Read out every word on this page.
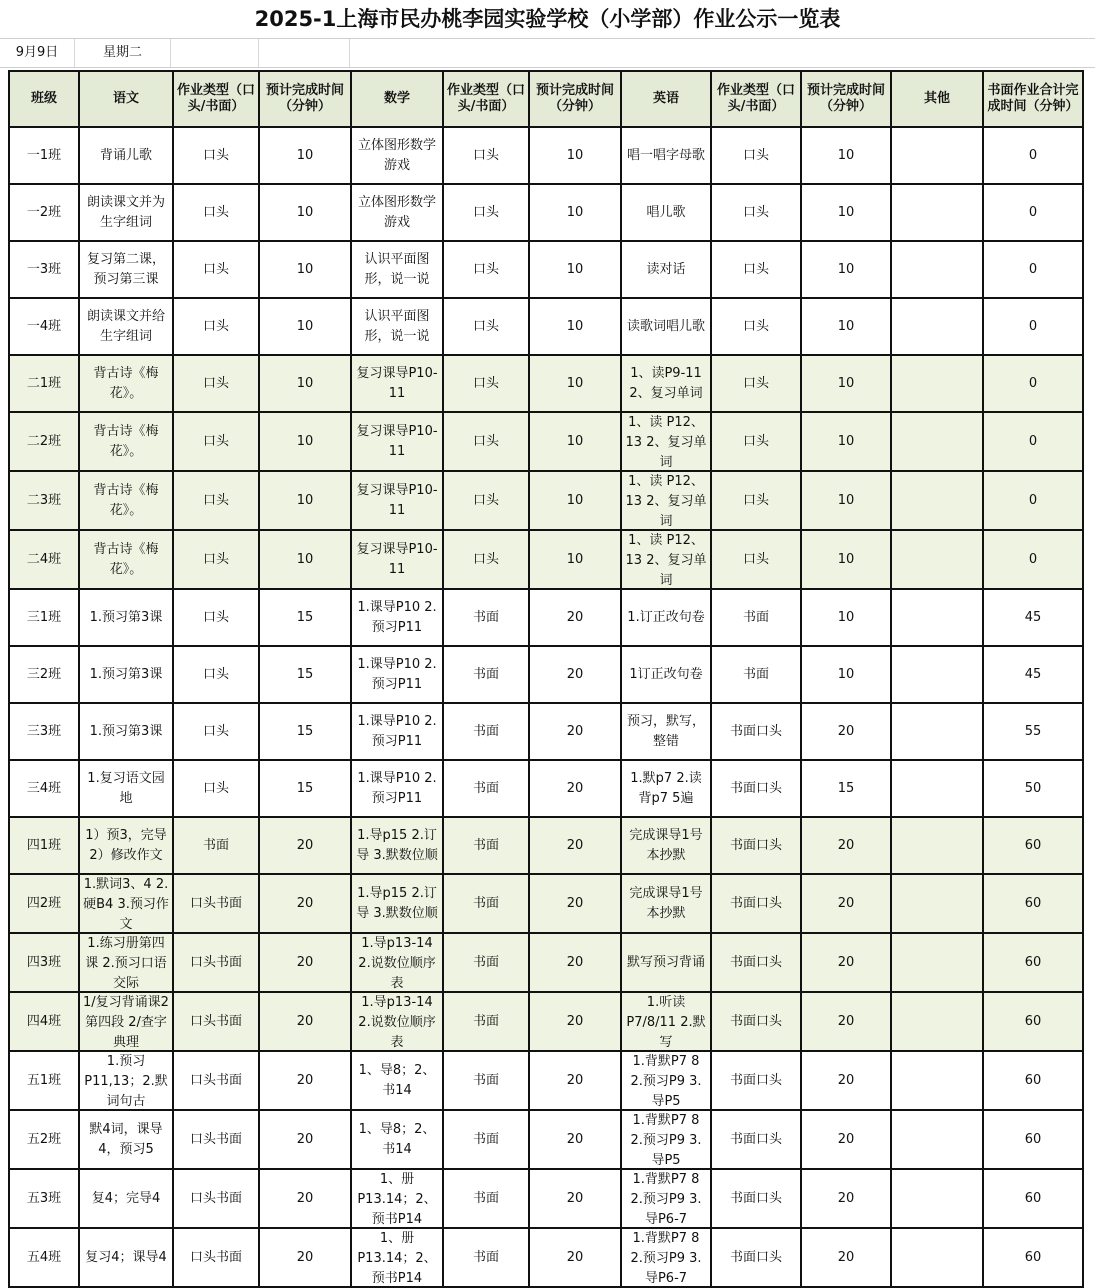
2025-1上海市民办桃李园实验学校（小学部）作业公示一览表
9月9日	星期二
班级	语文	作业类型（口头/书面）	预计完成时间（分钟）	数学	作业类型（口头/书面）	预计完成时间（分钟）	英语	作业类型（口头/书面）	预计完成时间（分钟）	其他	书面作业合计完成时间（分钟）

一1班	背诵儿歌	口头	10	立体图形数学游戏	口头	10	唱一唱字母歌	口头	10		0

一2班	朗读课文并为生字组词	口头	10	立体图形数学游戏	口头	10	唱儿歌	口头	10		0

一3班	复习第二课，预习第三课	口头	10	认识平面图形，说一说	口头	10	读对话	口头	10		0

一4班	朗读课文并给生字组词	口头	10	认识平面图形，说一说	口头	10	读歌词唱儿歌	口头	10		0

二1班	背古诗《梅花》。	口头	10	复习课导P10-11	口头	10	1、读P9-11 2、复习单词	口头	10		0

二2班	背古诗《梅花》。	口头	10	复习课导P10-11	口头	10	1、读 P12、13 2、复习单词	口头	10		0

二3班	背古诗《梅花》。	口头	10	复习课导P10-11	口头	10	1、读 P12、13 2、复习单词	口头	10		0

二4班	背古诗《梅花》。	口头	10	复习课导P10-11	口头	10	1、读 P12、13 2、复习单词	口头	10		0

三1班	1.预习第3课	口头	15	1.课导P10 2.预习P11	书面	20	1.订正改句卷	书面	10		45

三2班	1.预习第3课	口头	15	1.课导P10 2.预习P11	书面	20	1订正改句卷	书面	10		45

三3班	1.预习第3课	口头	15	1.课导P10 2.预习P11	书面	20	预习，默写，整错	书面口头	20		55

三4班	1.复习语文园地	口头	15	1.课导P10 2.预习P11	书面	20	1.默p7 2.读背p7 5遍	书面口头	15		50

四1班	1）预3，完导 2）修改作文	书面	20	1.导p15 2.订导 3.默数位顺	书面	20	完成课导1号本抄默	书面口头	20		60

四2班	1.默词3、4 2.硬B4 3.预习作文	口头书面	20	1.导p15 2.订导 3.默数位顺	书面	20	完成课导1号本抄默	书面口头	20		60

四3班	1.练习册第四课 2.预习口语交际	口头书面	20	1.导p13-14 2.说数位顺序表	书面	20	默写预习背诵	书面口头	20		60

四4班	1/复习背诵课2第四段 2/查字典理	口头书面	20	1.导p13-14 2.说数位顺序表	书面	20	1.听读P7/8/11 2.默写	书面口头	20		60

五1班	1.预习P11,13；2.默词句古	口头书面	20	1、导8；2、书14	书面	20	1.背默P7 8 2.预习P9 3.导P5	书面口头	20		60

五2班	默4词，课导4，预习5	口头书面	20	1、导8；2、书14	书面	20	1.背默P7 8 2.预习P9 3.导P5	书面口头	20		60

五3班	复4；完导4	口头书面	20	1、册P13.14；2、预书P14	书面	20	1.背默P7 8 2.预习P9 3.导P6-7	书面口头	20		60

五4班	复习4；课导4	口头书面	20	1、册P13.14；2、预书P14	书面	20	1.背默P7 8 2.预习P9 3.导P6-7	书面口头	20		60
